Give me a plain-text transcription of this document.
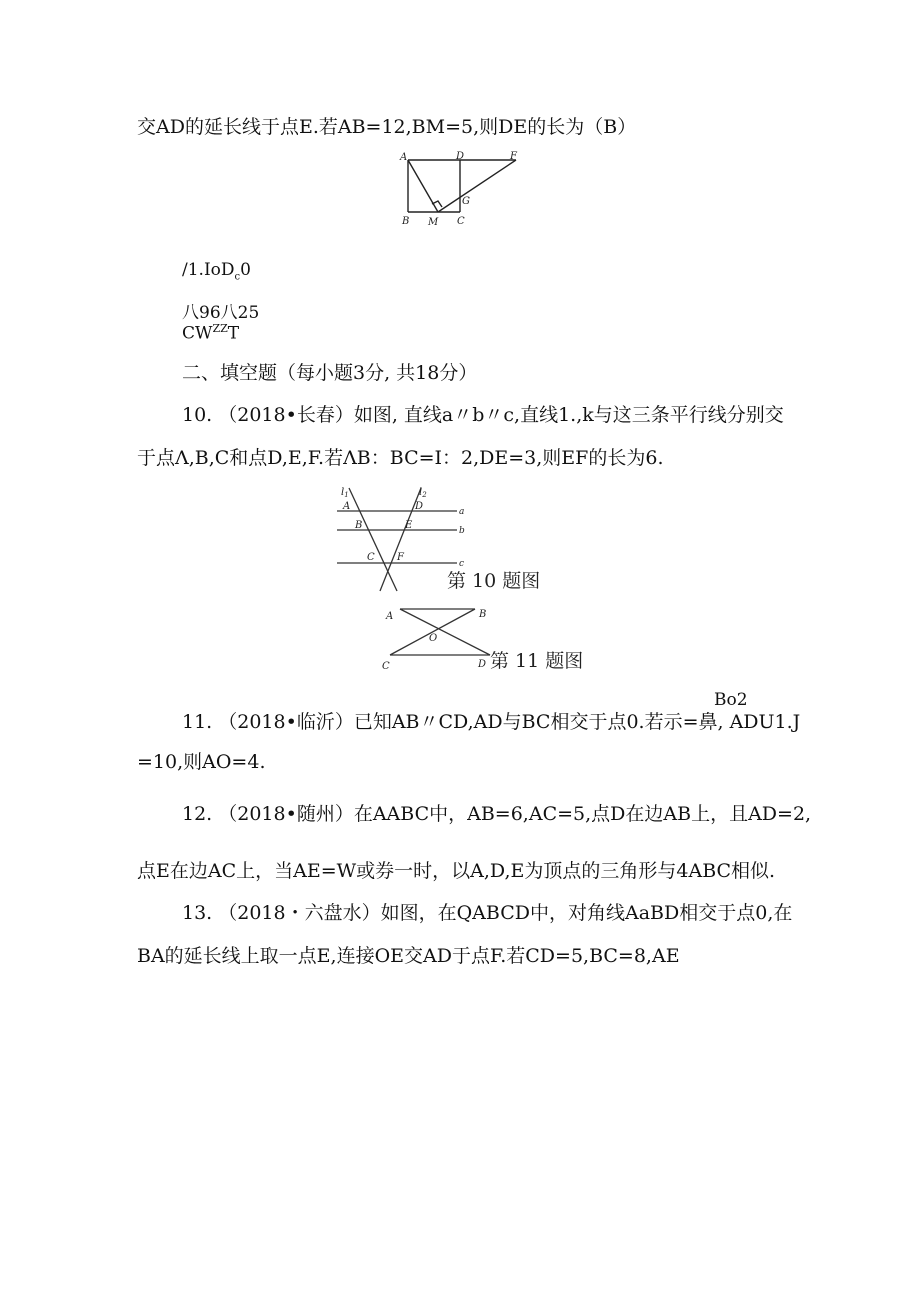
交AD的延长线于点E.若AB=12,BM=5,则DE的长为（B）
A	D	F
B M C
G
/1.IoD$_c$0
八96八25
$CW^{ZZ}T$
二、填空题（每小题3分, 共18分）
10. （2018•长春）如图, 直线a〃b〃c,直线1.,k与这三条平行线分别交
于点Λ,B,C和点D,E,F.若ΛB：BC=I：2,DE=3,则EF的长为6.
$l_1$	$l_2$
A	D
B	E
C F
a
b
c
第 10 题图
A	B
O
C	D 第 11 题图
Bo2
11. （2018•临沂）已知AB〃CD,AD与BC相交于点0.若示=鼻, ADU1.J
=10,则AO=4.
12. （2018•随州）在AABC中，AB=6,AC=5,点D在边AB上，且AD=2,
点E在边AC上，当AE=W或券一时，以A,D,E为顶点的三角形与4ABC相似.
13. （2018・六盘水）如图，在QABCD中，对角线AaBD相交于点0,在
BA的延长线上取一点E,连接OE交AD于点F.若CD=5,BC=8,AE
